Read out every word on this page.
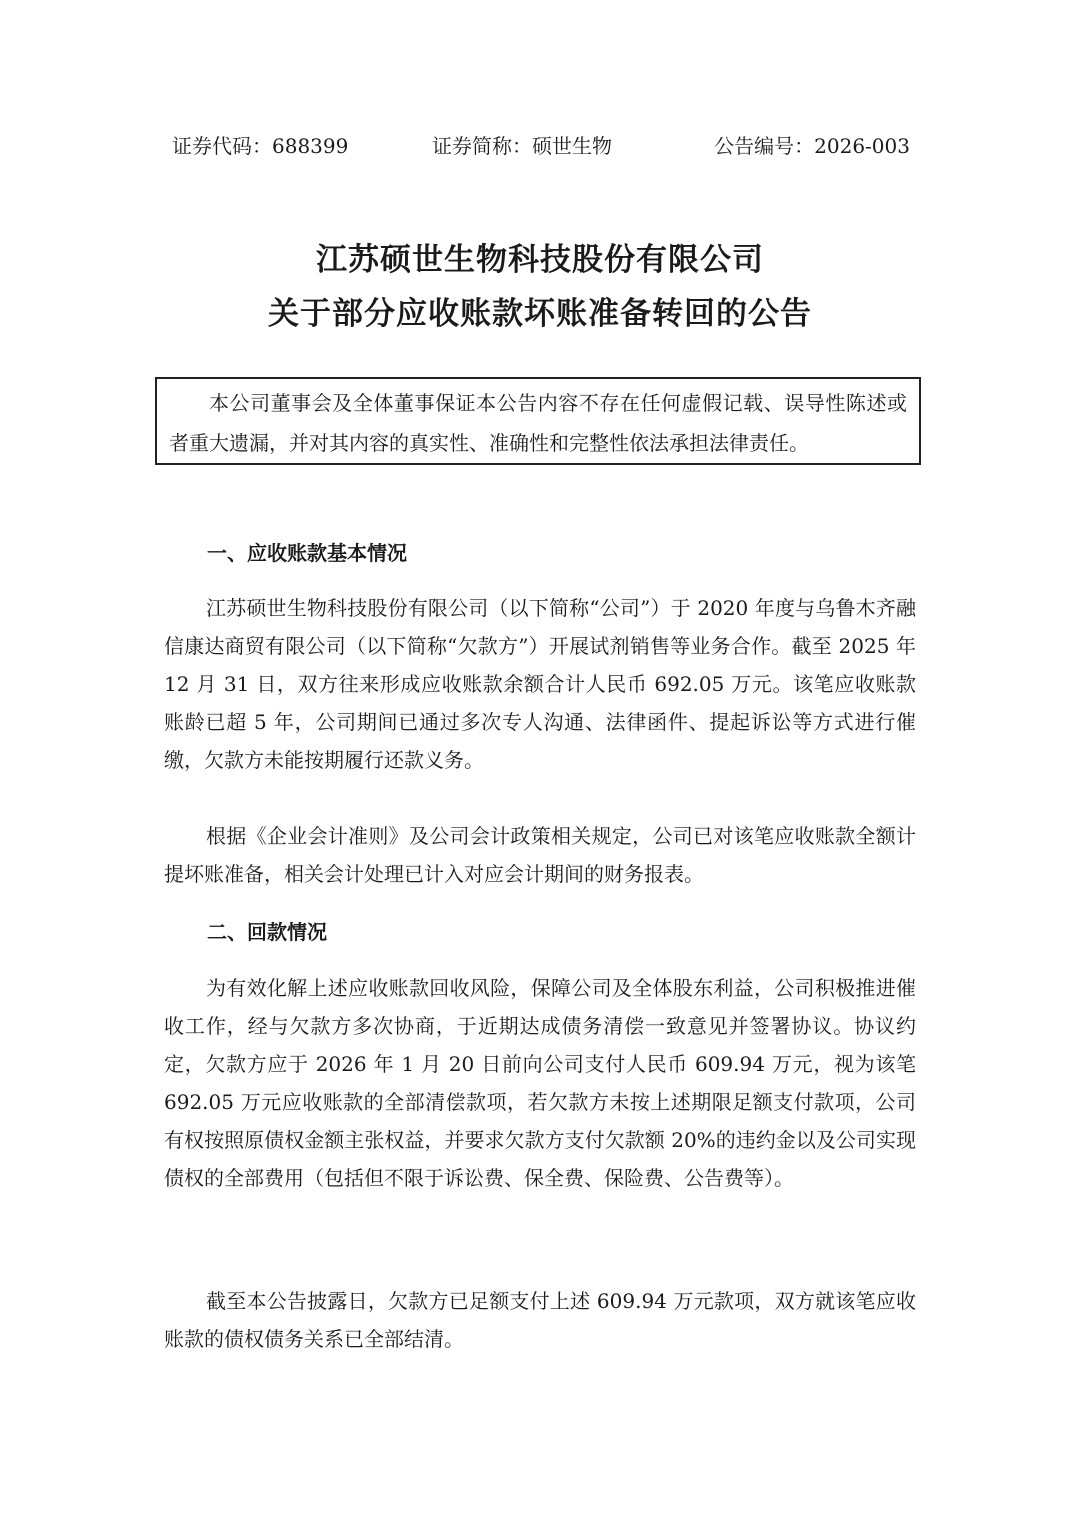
证券代码：688399	证券简称：硕世生物	公告编号：2026-003
江苏硕世生物科技股份有限公司
关于部分应收账款坏账准备转回的公告

本公司董事会及全体董事保证本公告内容不存在任何虚假记载、误导性陈述或者重大遗漏，并对其内容的真实性、准确性和完整性依法承担法律责任。

一、应收账款基本情况

江苏硕世生物科技股份有限公司（以下简称“公司”）于 2020 年度与乌鲁木齐融信康达商贸有限公司（以下简称“欠款方”）开展试剂销售等业务合作。截至 2025 年 12 月 31 日，双方往来形成应收账款余额合计人民币 692.05 万元。该笔应收账款账龄已超 5 年，公司期间已通过多次专人沟通、法律函件、提起诉讼等方式进行催缴，欠款方未能按期履行还款义务。

根据《企业会计准则》及公司会计政策相关规定，公司已对该笔应收账款全额计提坏账准备，相关会计处理已计入对应会计期间的财务报表。

二、回款情况

为有效化解上述应收账款回收风险，保障公司及全体股东利益，公司积极推进催收工作，经与欠款方多次协商，于近期达成债务清偿一致意见并签署协议。协议约定，欠款方应于 2026 年 1 月 20 日前向公司支付人民币 609.94 万元，视为该笔 692.05 万元应收账款的全部清偿款项，若欠款方未按上述期限足额支付款项，公司有权按照原债权金额主张权益，并要求欠款方支付欠款额 20%的违约金以及公司实现债权的全部费用（包括但不限于诉讼费、保全费、保险费、公告费等）。

截至本公告披露日，欠款方已足额支付上述 609.94 万元款项，双方就该笔应收账款的债权债务关系已全部结清。
